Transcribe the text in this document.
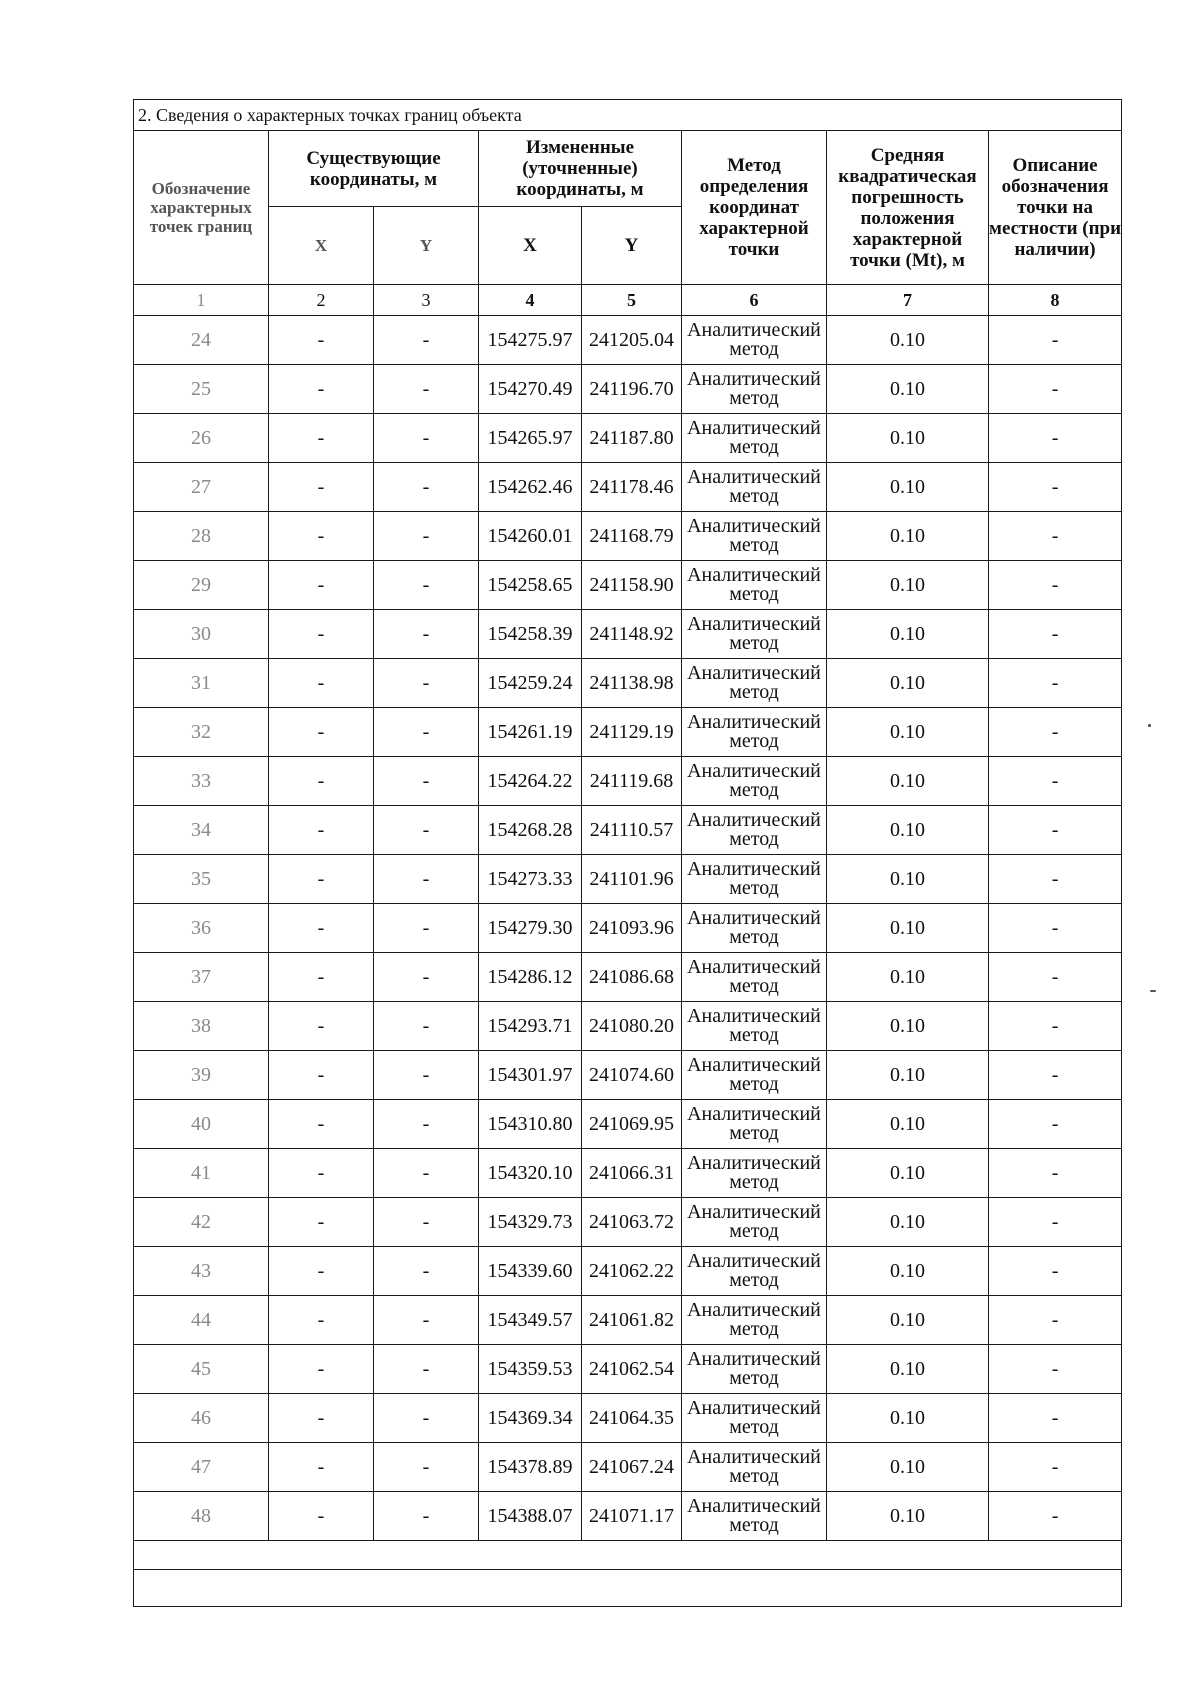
2. Сведения о характерных точках границ объекта							
Обозначение характерных точек границ	Существующие координаты, м		Измененные (уточненные) координаты, м		Метод определения координат характерной точки	Средняя квадратическая погрешность положения характерной точки (Mt), м	Описание обозначения точки на местности (при наличии)
	X	Y	X	Y			
1	2	3	4	5	6	7	8
24	-	-	154275.97	241205.04	Аналитический метод	0.10	-
25	-	-	154270.49	241196.70	Аналитический метод	0.10	-
26	-	-	154265.97	241187.80	Аналитический метод	0.10	-
27	-	-	154262.46	241178.46	Аналитический метод	0.10	-
28	-	-	154260.01	241168.79	Аналитический метод	0.10	-
29	-	-	154258.65	241158.90	Аналитический метод	0.10	-
30	-	-	154258.39	241148.92	Аналитический метод	0.10	-
31	-	-	154259.24	241138.98	Аналитический метод	0.10	-
32	-	-	154261.19	241129.19	Аналитический метод	0.10	-
33	-	-	154264.22	241119.68	Аналитический метод	0.10	-
34	-	-	154268.28	241110.57	Аналитический метод	0.10	-
35	-	-	154273.33	241101.96	Аналитический метод	0.10	-
36	-	-	154279.30	241093.96	Аналитический метод	0.10	-
37	-	-	154286.12	241086.68	Аналитический метод	0.10	-
38	-	-	154293.71	241080.20	Аналитический метод	0.10	-
39	-	-	154301.97	241074.60	Аналитический метод	0.10	-
40	-	-	154310.80	241069.95	Аналитический метод	0.10	-
41	-	-	154320.10	241066.31	Аналитический метод	0.10	-
42	-	-	154329.73	241063.72	Аналитический метод	0.10	-
43	-	-	154339.60	241062.22	Аналитический метод	0.10	-
44	-	-	154349.57	241061.82	Аналитический метод	0.10	-
45	-	-	154359.53	241062.54	Аналитический метод	0.10	-
46	-	-	154369.34	241064.35	Аналитический метод	0.10	-
47	-	-	154378.89	241067.24	Аналитический метод	0.10	-
48	-	-	154388.07	241071.17	Аналитический метод	0.10	-
